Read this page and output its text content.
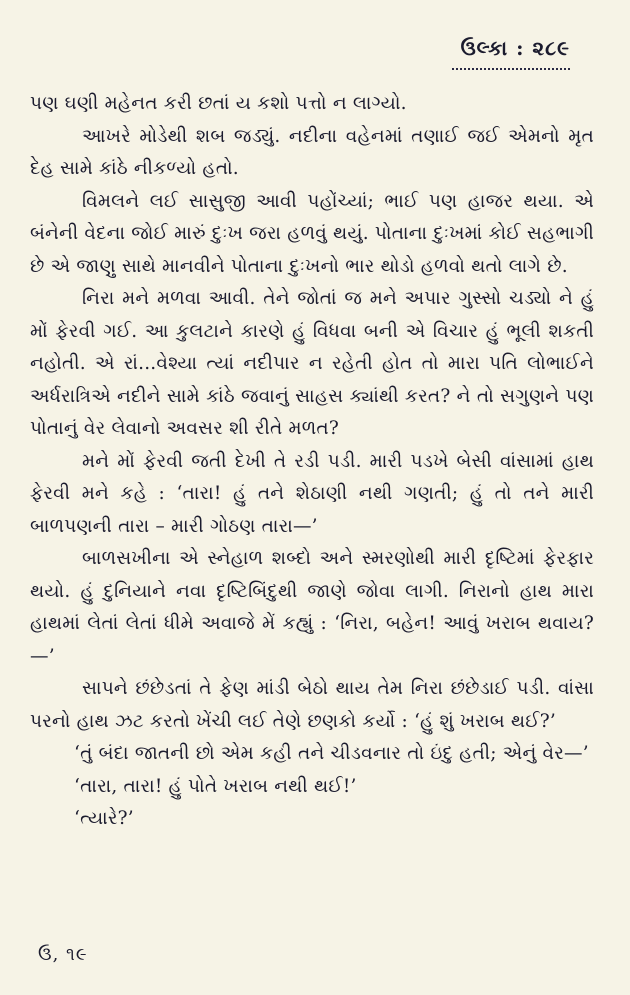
ઉલ્કા : ૨૮૯

પણ ઘણી મહેનત કરી છતાં ય કશો પત્તો ન લાગ્યો.

આખરે મોડેથી શબ જડ્યું. નદીના વહેનમાં તણાઈ જઈ એમનો મૃત દેહ સામે કાંઠે નીકળ્યો હતો.

વિમલને લઈ સાસુજી આવી પહોંચ્યાં; ભાઈ પણ હાજર થયા. એ બંનેની વેદના જોઈ મારું દુઃખ જરા હળવું થયું. પોતાના દુઃખમાં કોઈ સહભાગી છે એ જાણુ સાથે માનવીને પોતાના દુઃખનો ભાર થોડો હળવો થતો લાગે છે.

નિરા મને મળવા આવી. તેને જોતાં જ મને અપાર ગુસ્સો ચડ્યો ને હું મોં ફેરવી ગઈ. આ કુલટાને કારણે હું વિધવા બની એ વિચાર હું ભૂલી શકતી નહોતી. એ રાં...વેશ્યા ત્યાં નદીપાર ન રહેતી હોત તો મારા પતિ લોભાઈને અર્ધરાત્રિએ નદીને સામે કાંઠે જવાનું સાહસ ક્યાંથી કરત? ને તો સગુણને પણ પોતાનું વેર લેવાનો અવસર શી રીતે મળત?

મને મોં ફેરવી જતી દેખી તે રડી પડી. મારી પડખે બેસી વાંસામાં હાથ ફેરવી મને કહે : ‘તારા! હું તને શેઠાણી નથી ગણતી; હું તો તને મારી બાળપણની તારા – મારી ગોઠણ તારા—’

બાળસખીના એ સ્નેહાળ શબ્દો અને સ્મરણોથી મારી દૃષ્ટિમાં ફેરફાર થયો. હું દુનિયાને નવા દૃષ્ટિબિંદુથી જાણે જોવા લાગી. નિરાનો હાથ મારા હાથમાં લેતાં લેતાં ધીમે અવાજે મેં કહ્યું : ‘નિરા, બહેન! આવું ખરાબ થવાય?—’

સાપને છંછેડતાં તે ફેણ માંડી બેઠો થાય તેમ નિરા છંછેડાઈ પડી. વાંસા પરનો હાથ ઝટ કરતો ખેંચી લઈ તેણે છણકો કર્યો : ‘હું શું ખરાબ થઈ?’

‘તું બંદા જાતની છો એમ કહી તને ચીડવનાર તો ઇંદુ હતી; એનું વેર—’

‘તારા, તારા! હું પોતે ખરાબ નથી થઈ!’

‘ત્યારે?’

ઉ, ૧૯
